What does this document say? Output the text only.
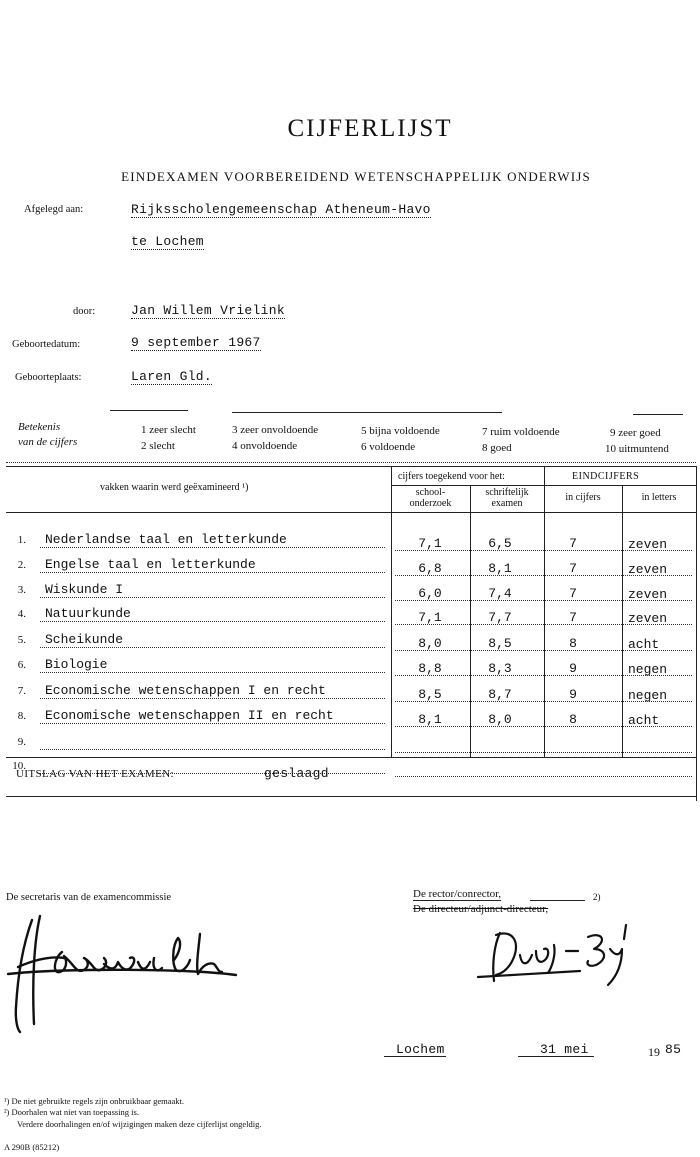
CIJFERLIJST
EINDEXAMEN VOORBEREIDEND WETENSCHAPPELIJK ONDERWIJS
Afgelegd aan:	Rijksscholengemeenschap Atheneum-Havo
te Lochem
door:	Jan Willem Vrielink
Geboortedatum:	9 september 1967
Geboorteplaats:	Laren Gld.
Betekenis
van de cijfers
1 zeer slecht
2 slecht
3 zeer onvoldoende
4 onvoldoende
5 bijna voldoende
6 voldoende
7 ruim voldoende
8 goed
9 zeer goed
10 uitmuntend
vakken waarin werd geëxamineerd ¹)
cijfers toegekend voor het:	EINDCIJFERS
school-
onderzoek
schriftelijk
examen
in cijfers	in letters
1. Nederlandse taal en letterkunde	7,1	6,5	7	zeven
2. Engelse taal en letterkunde	6,8	8,1	7	zeven
3. Wiskunde I	6,0	7,4	7	zeven
4. Natuurkunde	7,1	7,7	7	zeven
5. Scheikunde	8,0	8,5	8	acht
6. Biologie	8,8	8,3	9	negen
7. Economische wetenschappen I en recht	8,5	8,7	9	negen
8. Economische wetenschappen II en recht	8,1	8,0	8	acht
9.
10.
UITSLAG VAN HET EXAMEN:	geslaagd
De secretaris van de examencommissie	De rector/conrector,	2)
De directeur/adjunct-directeur,
Lochem	31 mei	19 85
¹) De niet gebruikte regels zijn onbruikbaar gemaakt.
²) Doorhalen wat niet van toepassing is.
Verdere doorhalingen en/of wijzigingen maken deze cijferlijst ongeldig.
A 290B (85212)
